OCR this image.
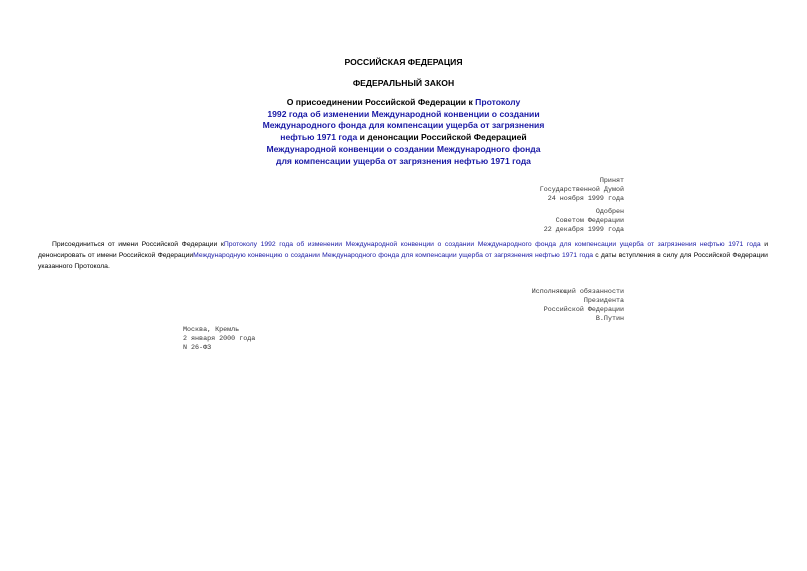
РОССИЙСКАЯ ФЕДЕРАЦИЯ
ФЕДЕРАЛЬНЫЙ ЗАКОН
О присоединении Российской Федерации к Протоколу
1992 года об изменении Международной конвенции о создании
Международного фонда для компенсации ущерба от загрязнения
нефтью 1971 года и денонсации Российской Федерацией
Международной конвенции о создании Международного фонда
для компенсации ущерба от загрязнения нефтью 1971 года
Принят
Государственной Думой
24 ноября 1999 года
Одобрен
Советом Федерации
22 декабря 1999 года
Присоединиться от имени Российской Федерации кПротоколу 1992 года об изменении Международной конвенции о создании Международного фонда для компенсации ущерба от загрязнения нефтью 1971 года и денонсировать от имени Российской ФедерацииМеждународную конвенцию о создании Международного фонда для компенсации ущерба от загрязнения нефтью 1971 года с даты вступления в силу для Российской Федерации указанного Протокола.
Исполняющий обязанности
Президента
Российской Федерации
В.Путин
Москва, Кремль
2 января 2000 года
N 26-ФЗ
